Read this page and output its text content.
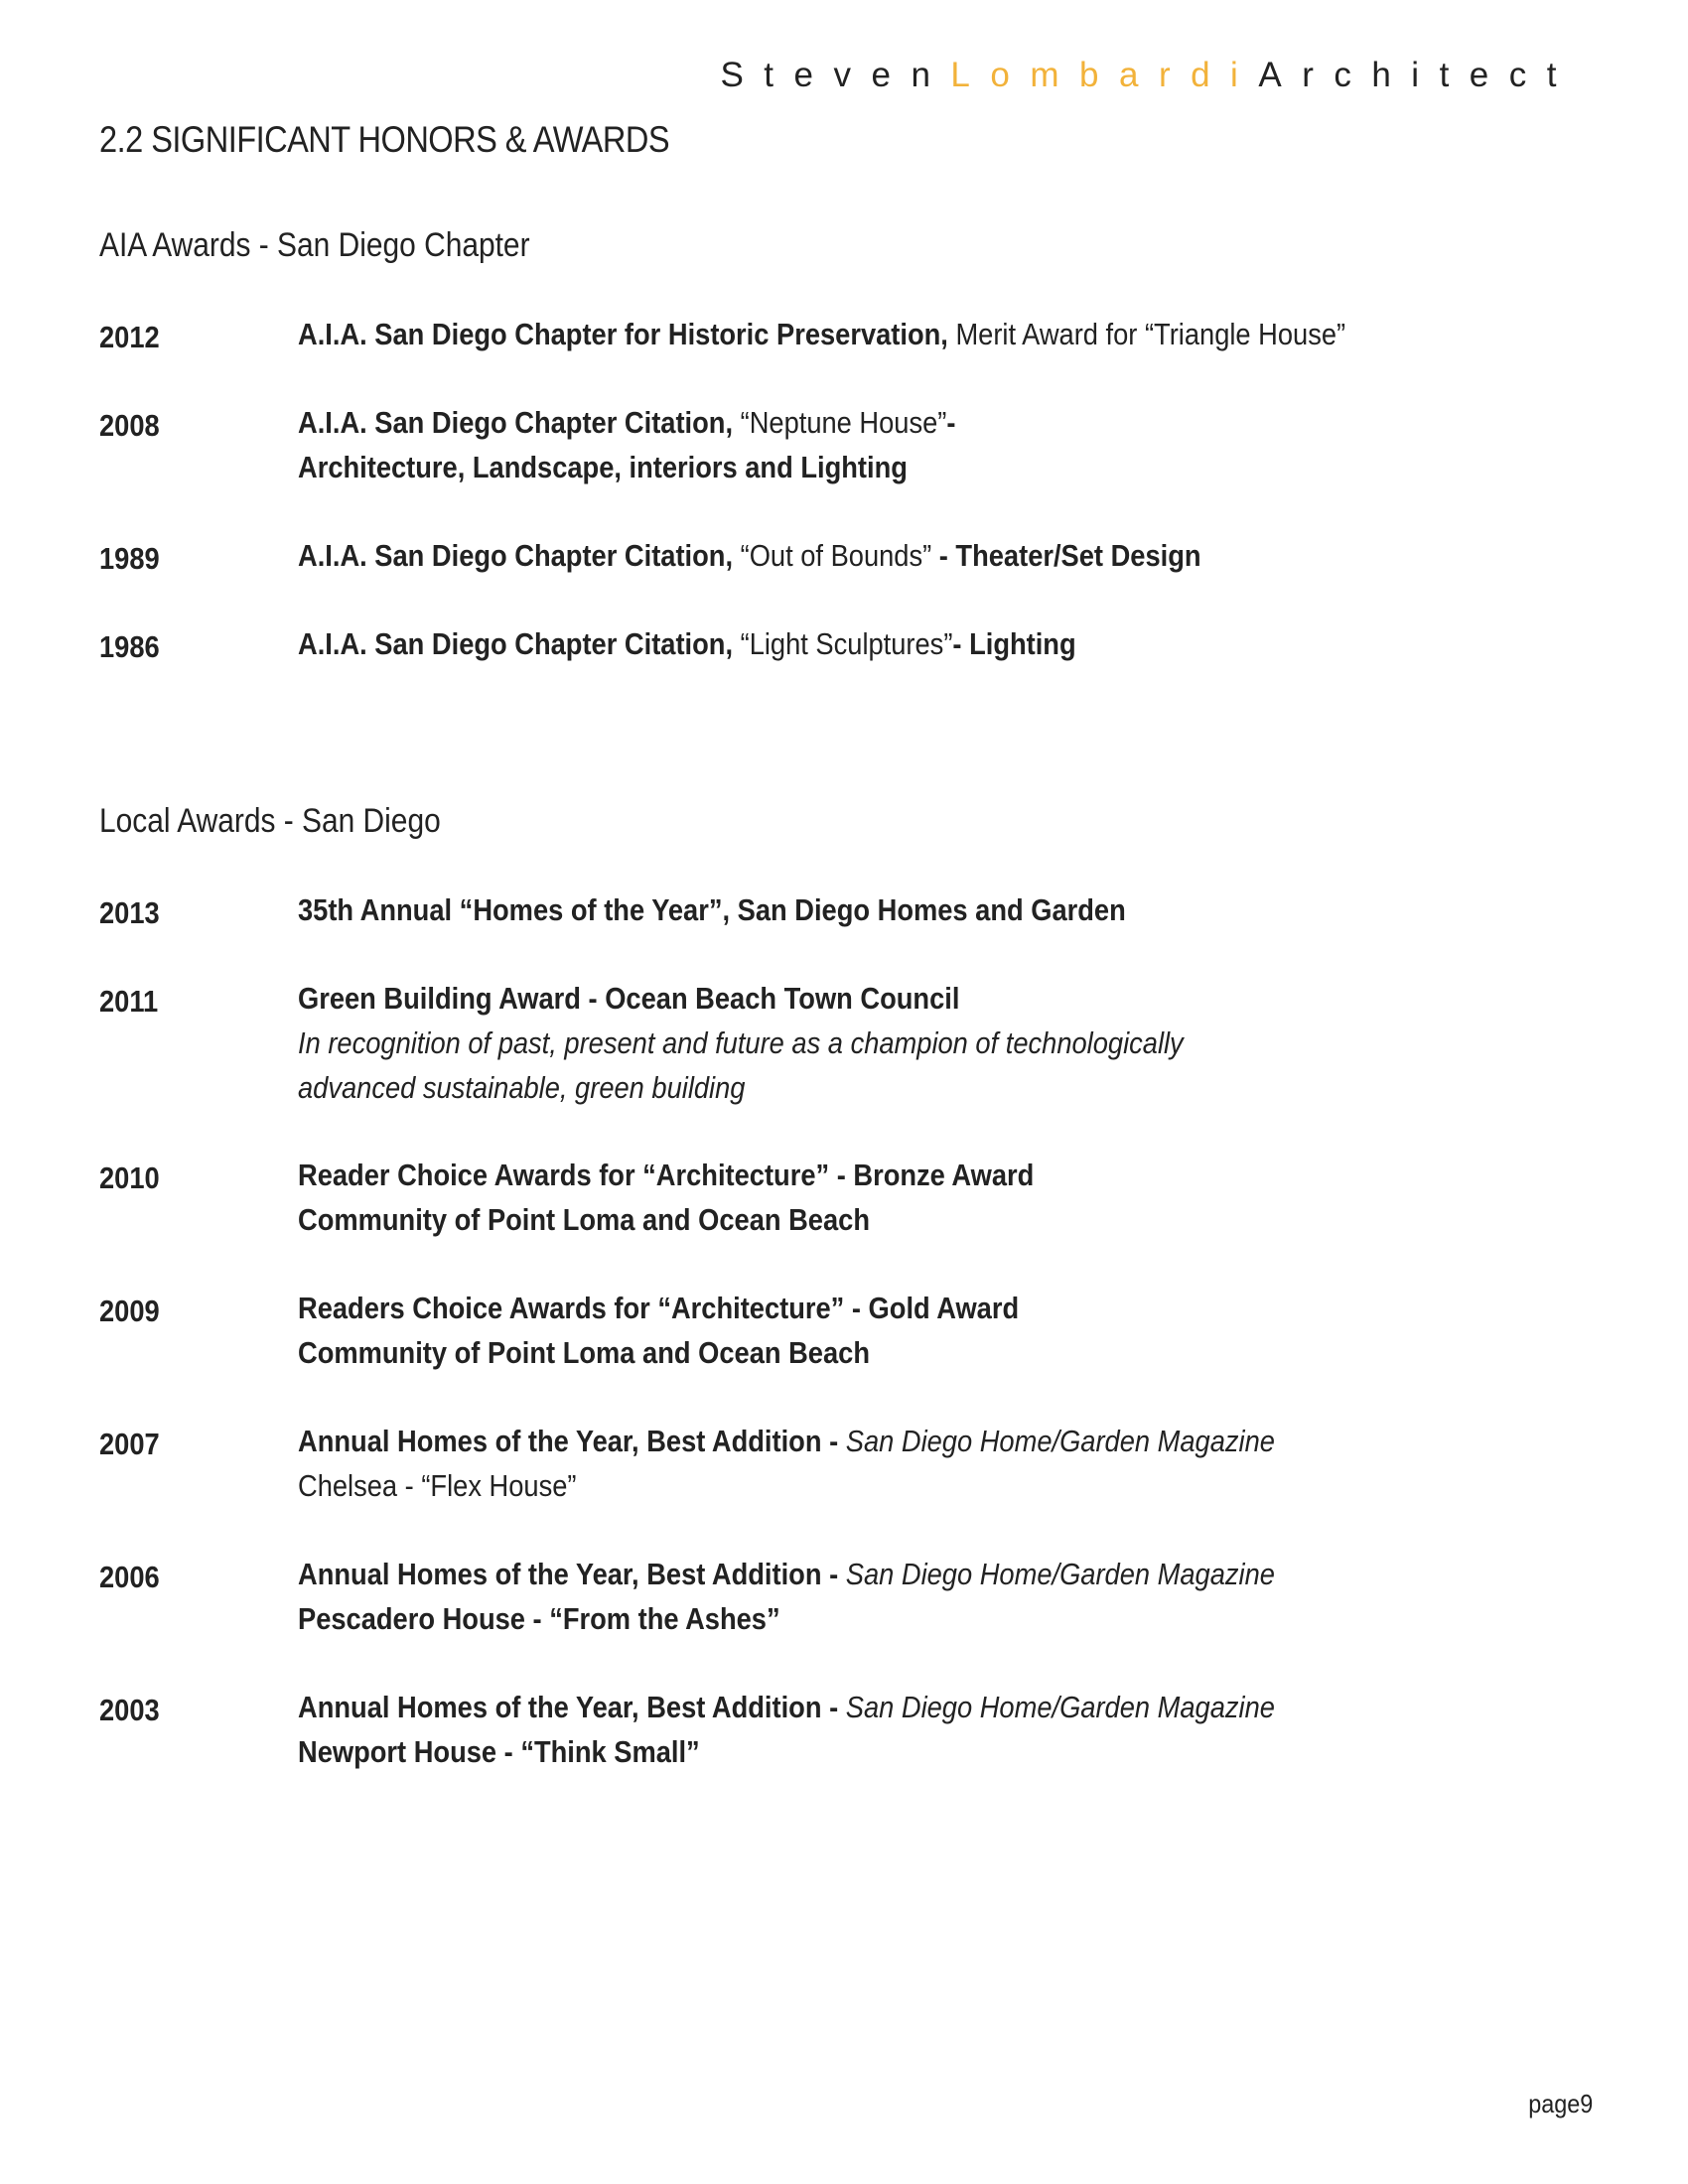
StevenLombardiArchitect
2.2 SIGNIFICANT HONORS & AWARDS
AIA Awards - San Diego Chapter
2012	A.I.A. San Diego Chapter for Historic Preservation, Merit Award for “Triangle House”
2008	A.I.A. San Diego Chapter Citation, “Neptune House”-
Architecture, Landscape, interiors and Lighting
1989	A.I.A. San Diego Chapter Citation, “Out of Bounds” - Theater/Set Design
1986	A.I.A. San Diego Chapter Citation, “Light Sculptures”- Lighting
Local Awards - San Diego
2013	35th Annual “Homes of the Year”, San Diego Homes and Garden
2011	Green Building Award - Ocean Beach Town Council
In recognition of past, present and future as a champion of technologically
advanced sustainable, green building
2010	Reader Choice Awards for “Architecture” - Bronze Award
Community of Point Loma and Ocean Beach
2009	Readers Choice Awards for “Architecture” - Gold Award
Community of Point Loma and Ocean Beach
2007	Annual Homes of the Year, Best Addition - San Diego Home/Garden Magazine
Chelsea - “Flex House”
2006	Annual Homes of the Year, Best Addition - San Diego Home/Garden Magazine
Pescadero House - “From the Ashes”
2003	Annual Homes of the Year, Best Addition - San Diego Home/Garden Magazine
Newport House - “Think Small”
page9
